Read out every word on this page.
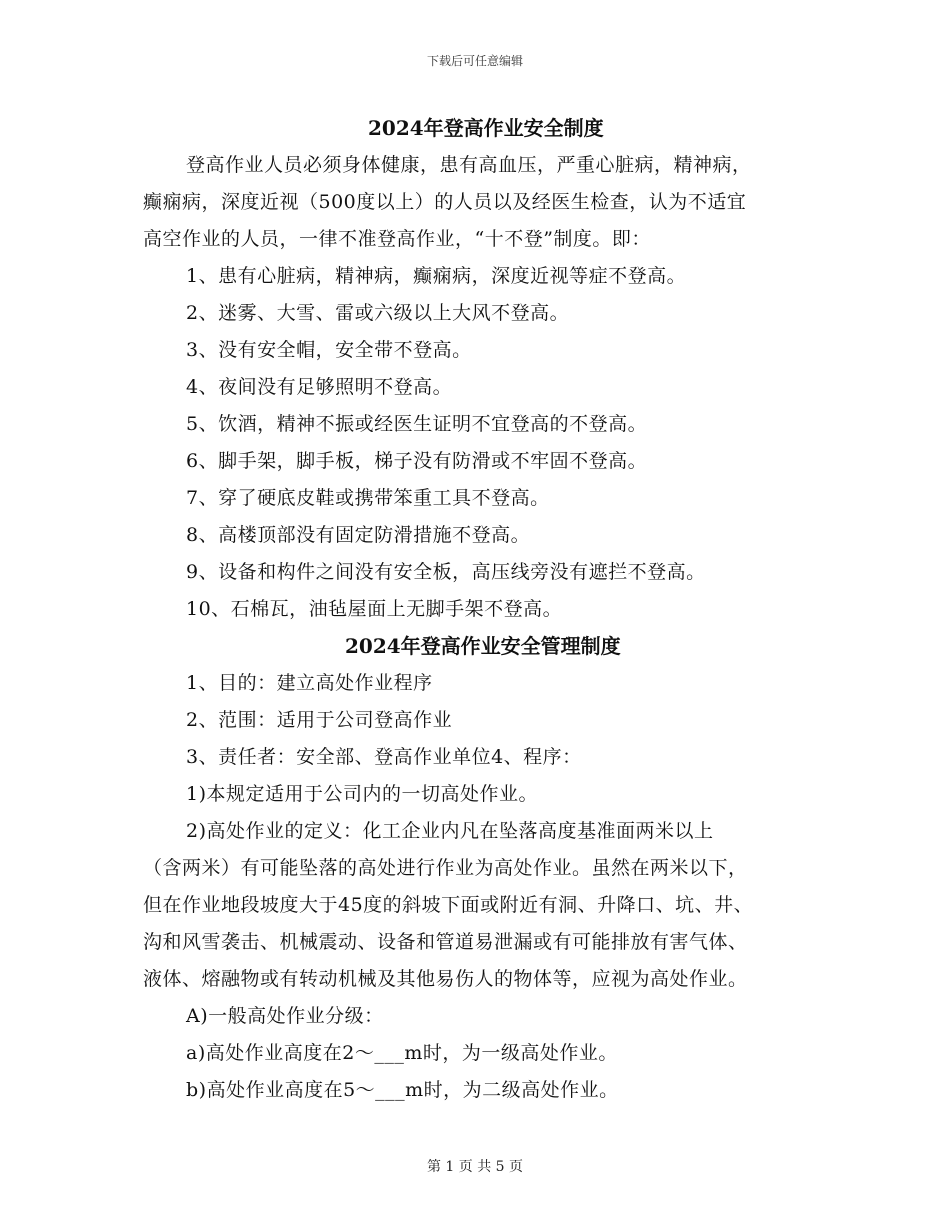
下载后可任意编辑
2024年登高作业安全制度
登高作业人员必须身体健康，患有高血压，严重心脏病，精神病，
癫痫病，深度近视（500度以上）的人员以及经医生检查，认为不适宜
高空作业的人员，一律不准登高作业，“十不登”制度。即：
1、患有心脏病，精神病，癫痫病，深度近视等症不登高。
2、迷雾、大雪、雷或六级以上大风不登高。
3、没有安全帽，安全带不登高。
4、夜间没有足够照明不登高。
5、饮酒，精神不振或经医生证明不宜登高的不登高。
6、脚手架，脚手板，梯子没有防滑或不牢固不登高。
7、穿了硬底皮鞋或携带笨重工具不登高。
8、高楼顶部没有固定防滑措施不登高。
9、设备和构件之间没有安全板，高压线旁没有遮拦不登高。
10、石棉瓦，油毡屋面上无脚手架不登高。
2024年登高作业安全管理制度
1、目的：建立高处作业程序
2、范围：适用于公司登高作业
3、责任者：安全部、登高作业单位4、程序：
1)本规定适用于公司内的一切高处作业。
2)高处作业的定义：化工企业内凡在坠落高度基准面两米以上
（含两米）有可能坠落的高处进行作业为高处作业。虽然在两米以下，
但在作业地段坡度大于45度的斜坡下面或附近有洞、升降口、坑、井、
沟和风雪袭击、机械震动、设备和管道易泄漏或有可能排放有害气体、
液体、熔融物或有转动机械及其他易伤人的物体等，应视为高处作业。
A)一般高处作业分级：
a)高处作业高度在2～___m时，为一级高处作业。
b)高处作业高度在5～___m时，为二级高处作业。
第 1 页 共 5 页
